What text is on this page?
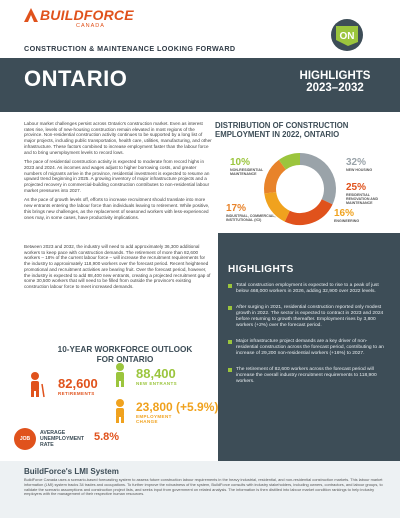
BUILDFORCE
CANADA
CONSTRUCTION & MAINTENANCE LOOKING FORWARD
ON
ONTARIO	HIGHLIGHTS
2023–2032

Labour market challenges persist across Ontario's construction market. Even as interest rates rise, levels of new-housing construction remain elevated in most regions of the province. Non-residential construction activity continues to be supported by a long list of major projects, including public transportation, health care, utilities, manufacturing, and other infrastructure. These factors combined to increase employment faster than the labour force and to bring unemployment levels to record lows.

The pace of residential construction activity is expected to moderate from record highs in 2023 and 2024. As incomes and wages adjust to higher borrowing costs, and greater numbers of migrants arrive in the province, residential investment is expected to resume an upward trend beginning in 2025. A growing inventory of major infrastructure projects and a projected recovery in commercial-building construction contributes to non-residential labour market pressures into 2027.

As the pace of growth levels off, efforts to increase recruitment should translate into more new entrants entering the labour force than individuals leaving to retirement. While positive, this brings new challenges, as the replacement of seasoned workers with less-experienced ones may, in some cases, have productivity implications.

Between 2023 and 2032, the industry will need to add approximately 36,300 additional workers to keep pace with construction demands. The retirement of more than 82,600 workers – 18% of the current labour force – will increase the recruitment requirements for the industry to approximately 118,900 workers over the forecast period. Recent heightened promotional and recruitment activities are bearing fruit. Over the forecast period, however, the industry is expected to add 88,400 new entrants, creating a projected recruitment gap of some 30,500 workers that will need to be filled from outside the province's existing construction labour force to meet increased demands.
DISTRIBUTION OF CONSTRUCTION
EMPLOYMENT IN 2022, ONTARIO
32%
NEW HOUSING
25%
RESIDENTIAL RENOVATION AND MAINTENANCE
16%
ENGINEERING
17%
INDUSTRIAL, COMMERCIAL, INSTITUTIONAL (ICI)
10%
NON-RESIDENTIAL MAINTENANCE
HIGHLIGHTS
Total construction employment is expected to rise to a peak of just below 468,000 workers in 2026, adding 32,900 over 2022 levels.
After surging in 2021, residential construction reported only modest growth in 2022. The sector is expected to contract in 2023 and 2024 before returning to growth thereafter. Employment rises by 3,800 workers (+2%) over the forecast period.
Major infrastructure project demands are a key driver of non-residential construction across the forecast period, contributing to an increase of 29,200 non-residential workers (+16%) to 2027.
The retirement of 82,600 workers across the forecast period will increase the overall industry recruitment requirements to 118,900 workers.
10-YEAR WORKFORCE OUTLOOK
FOR ONTARIO
82,600
RETIREMENTS
88,400
NEW ENTRANTS
23,800 (+5.9%)
EMPLOYMENT
CHANGE
JOB
AVERAGE
UNEMPLOYMENT
RATE
5.8%
BuildForce's LMI System
BuildForce Canada uses a scenario-based forecasting system to assess future construction labour requirements in the heavy industrial, residential, and non-residential construction markets. This labour market information (LMI) system tracks 34 trades and occupations. To further improve the robustness of the system, BuildForce consults with industry stakeholders, including owners, contractors, and labour groups, to validate the scenario assumptions and construction project lists, and seeks input from government on related analysis. The information is then distilled into labour market condition rankings to help industry employers with the management of their respective human resources.
